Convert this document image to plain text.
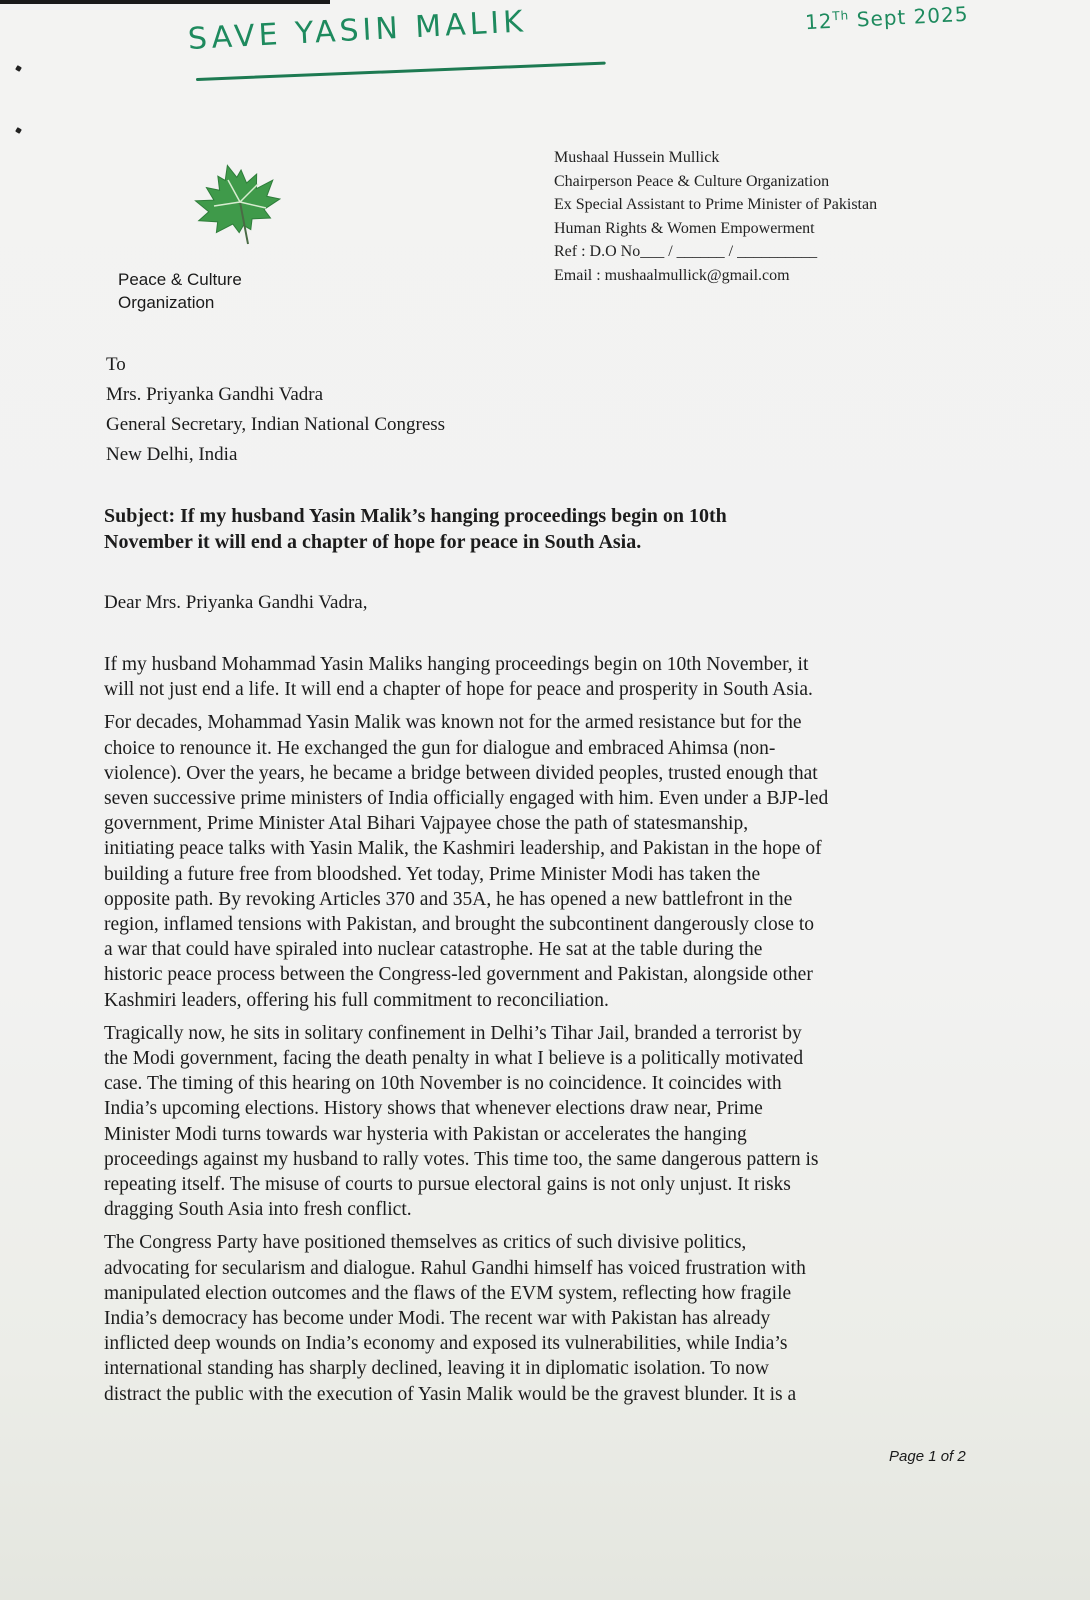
SAVE YASIN MALIK	12Th Sept 2025
Peace & Culture
Organization
Mushaal Hussein Mullick
Chairperson Peace & Culture Organization
Ex Special Assistant to Prime Minister of Pakistan
Human Rights & Women Empowerment
Ref : D.O No___ / ______ / __________
Email : mushaalmullick@gmail.com
To
Mrs. Priyanka Gandhi Vadra
General Secretary, Indian National Congress
New Delhi, India
Subject: If my husband Yasin Malik’s hanging proceedings begin on 10th
November it will end a chapter of hope for peace in South Asia.
Dear Mrs. Priyanka Gandhi Vadra,

If my husband Mohammad Yasin Maliks hanging proceedings begin on 10th November, it
will not just end a life. It will end a chapter of hope for peace and prosperity in South Asia.

For decades, Mohammad Yasin Malik was known not for the armed resistance but for the
choice to renounce it. He exchanged the gun for dialogue and embraced Ahimsa (non-
violence). Over the years, he became a bridge between divided peoples, trusted enough that
seven successive prime ministers of India officially engaged with him. Even under a BJP-led
government, Prime Minister Atal Bihari Vajpayee chose the path of statesmanship,
initiating peace talks with Yasin Malik, the Kashmiri leadership, and Pakistan in the hope of
building a future free from bloodshed. Yet today, Prime Minister Modi has taken the
opposite path. By revoking Articles 370 and 35A, he has opened a new battlefront in the
region, inflamed tensions with Pakistan, and brought the subcontinent dangerously close to
a war that could have spiraled into nuclear catastrophe. He sat at the table during the
historic peace process between the Congress-led government and Pakistan, alongside other
Kashmiri leaders, offering his full commitment to reconciliation.

Tragically now, he sits in solitary confinement in Delhi’s Tihar Jail, branded a terrorist by
the Modi government, facing the death penalty in what I believe is a politically motivated
case. The timing of this hearing on 10th November is no coincidence. It coincides with
India’s upcoming elections. History shows that whenever elections draw near, Prime
Minister Modi turns towards war hysteria with Pakistan or accelerates the hanging
proceedings against my husband to rally votes. This time too, the same dangerous pattern is
repeating itself. The misuse of courts to pursue electoral gains is not only unjust. It risks
dragging South Asia into fresh conflict.

The Congress Party have positioned themselves as critics of such divisive politics,
advocating for secularism and dialogue. Rahul Gandhi himself has voiced frustration with
manipulated election outcomes and the flaws of the EVM system, reflecting how fragile
India’s democracy has become under Modi. The recent war with Pakistan has already
inflicted deep wounds on India’s economy and exposed its vulnerabilities, while India’s
international standing has sharply declined, leaving it in diplomatic isolation. To now
distract the public with the execution of Yasin Malik would be the gravest blunder. It is a

Page 1 of 2
